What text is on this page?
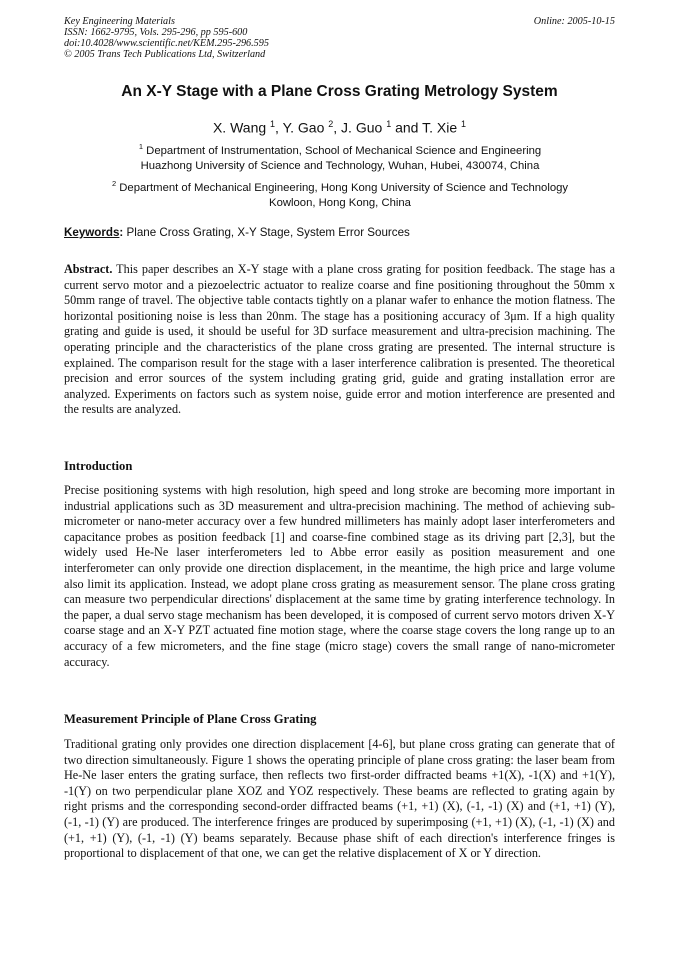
Key Engineering Materials
ISSN: 1662-9795, Vols. 295-296, pp 595-600
doi:10.4028/www.scientific.net/KEM.295-296.595
© 2005 Trans Tech Publications Ltd, Switzerland
Online: 2005-10-15
An X-Y Stage with a Plane Cross Grating Metrology System
X. Wang $^1$, Y. Gao $^2$, J. Guo $^1$ and T. Xie $^1$
$^1$ Department of Instrumentation, School of Mechanical Science and Engineering
Huazhong University of Science and Technology, Wuhan, Hubei, 430074, China
$^2$ Department of Mechanical Engineering, Hong Kong University of Science and Technology
Kowloon, Hong Kong, China
Keywords: Plane Cross Grating, X-Y Stage, System Error Sources

Abstract. This paper describes an X-Y stage with a plane cross grating for position feedback. The stage has a current servo motor and a piezoelectric actuator to realize coarse and fine positioning throughout the 50mm x 50mm range of travel. The objective table contacts tightly on a planar wafer to enhance the motion flatness. The horizontal positioning noise is less than 20nm. The stage has a positioning accuracy of 3μm. If a high quality grating and guide is used, it should be useful for 3D surface measurement and ultra-precision machining. The operating principle and the characteristics of the plane cross grating are presented. The internal structure is explained. The comparison result for the stage with a laser interference calibration is presented. The theoretical precision and error sources of the system including grating grid, guide and grating installation error are analyzed. Experiments on factors such as system noise, guide error and motion interference are presented and the results are analyzed.

Introduction

Precise positioning systems with high resolution, high speed and long stroke are becoming more important in industrial applications such as 3D measurement and ultra-precision machining. The method of achieving sub-micrometer or nano-meter accuracy over a few hundred millimeters has mainly adopt laser interferometers and capacitance probes as position feedback [1] and coarse-fine combined stage as its driving part [2,3], but the widely used He-Ne laser interferometers led to Abbe error easily as position measurement and one interferometer can only provide one direction displacement, in the meantime, the high price and large volume also limit its application. Instead, we adopt plane cross grating as measurement sensor. The plane cross grating can measure two perpendicular directions' displacement at the same time by grating interference technology. In the paper, a dual servo stage mechanism has been developed, it is composed of current servo motors driven X-Y coarse stage and an X-Y PZT actuated fine motion stage, where the coarse stage covers the long range up to an accuracy of a few micrometers, and the fine stage (micro stage) covers the small range of nano-micrometer accuracy.

Measurement Principle of Plane Cross Grating

Traditional grating only provides one direction displacement [4-6], but plane cross grating can generate that of two direction simultaneously. Figure 1 shows the operating principle of plane cross grating: the laser beam from He-Ne laser enters the grating surface, then reflects two first-order diffracted beams +1(X), -1(X) and +1(Y), -1(Y) on two perpendicular plane XOZ and YOZ respectively. These beams are reflected to grating again by right prisms and the corresponding second-order diffracted beams (+1, +1) (X), (-1, -1) (X) and (+1, +1) (Y), (-1, -1) (Y) are produced. The interference fringes are produced by superimposing (+1, +1) (X), (-1, -1) (X) and (+1, +1) (Y), (-1, -1) (Y) beams separately. Because phase shift of each direction's interference fringes is proportional to displacement of that one, we can get the relative displacement of X or Y direction.
